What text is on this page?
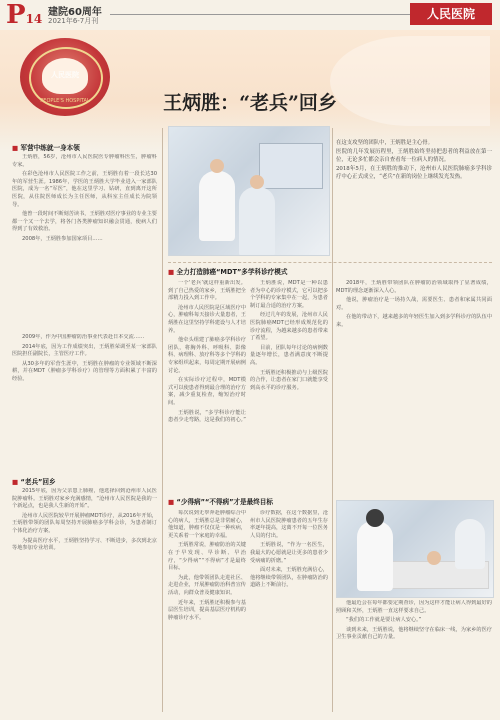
P14 建院60周年
2021年6-7月刊	人民医院
人民医院
PEOPLE'S HOSPITAL	王炳胜：“老兵”回乡
■ 军营中练就一身本领

王炳胜，56岁，沧州市人民医院医专肿瘤科医生，肿瘤科专家。

在彩色沧州市人民医院工作之前，王炳胜有着一段长达30年的军营生涯。1986年，学医的王炳胜大学毕业进入一家部队医院，成为一名“军医”，他在这里学习、钻研，直到离开这所医院，从住院医师成长为主任医师，从科室主任成长为院领导。

他曾一段时间不断刻苦读书，王炳胜对医疗事业的专业主要都一个又一个去学，将各门各类肿瘤知识融会贯通，使病人们得到了有效救治。

2008年，王炳胜参加国家项目……

2009年，作为中国肿瘤防治事业代表赴日本交流……

2014年底，因为工作成绩突出，王炳胜荣调至某一家部队医院担任副院长，主管医疗工作。

从30多年的军营生涯中，王炳胜在肿瘤的专业领域不断深耕，并在MDT（肿瘤多学科诊疗）的管理等方面积累了丰富的经验。

■ “老兵”回乡

2015年底，因为父亲患上肺癌，他选择回到沧州市人民医院肿瘤科。王炳胜对家乡充满感情，“沧州市人民医院是我的一个新起点，也是我人生新的开始”。

沧州市人民医院较早开展肿瘤MDT诊疗，从2016年开始，王炳胜带领的团队每周坚持开展肺癌多学科会诊，为患者制订个体化治疗方案。

为提高医疗水平，王炳胜坚持学习、不断进步，多次到北京等地参加专业培训。

在这支攻坚的团队中，王炳胜是主心骨。

医院的几年发展历程里，王炳胜始终坚持把患者的利益放在第一位，无论多忙都会亲自查看每一位病人的情况。

2018年5月，在王炳胜的推动下，沧州市人民医院肺癌多学科诊疗中心正式成立，“老兵”在新的岗位上继续发光发热。

■ 全力打造肺癌“MDT”多学科诊疗模式

一个‘老兵’就这样重新出发。到了自己热爱的家乡，王炳胜把全部精力投入到工作中。

沧州市人民医院是区域医疗中心，肿瘤科每天接诊大量患者，王炳胜在这里坚持学科建设与人才培养。

他牵头组建了肺癌多学科诊疗团队，将胸外科、呼吸科、影像科、病理科、放疗科等多个学科的专家组织起来，每周定期开展病例讨论。

在实际诊疗过程中，MDT模式可以使患者得到最合理的治疗方案，减少重复检查，缩短治疗时间。

王炳胜说，“多学科诊疗能让患者少走弯路，这是我们的初心。”

王炳胜说，MDT是一种以患者为中心的诊疗模式，它可以把多个学科的专家集中在一起，为患者制订最合适的治疗方案。

经过几年的发展，沧州市人民医院肺癌MDT已经形成规范化的诊疗流程，为越来越多的患者带来了希望。

目前，团队每年讨论的病例数量逐年增长，患者满意度不断提高。

王炳胜还积极推动与上级医院的合作，让患者在家门口就能享受到高水平的诊疗服务。

2018年，王炳胜带领团队在肿瘤防治领域取得了显著成绩，MDT的理念逐渐深入人心。

他说，肿瘤治疗是一场持久战，需要医生、患者和家属共同面对。

在他的带动下，越来越多的年轻医生加入到多学科诊疗的队伍中来。

■ “少得病”“不得病”才是最终目标

每次说到无辜奔赴肿瘤综合中心的病人，王炳胜总是非常耐心，他知道，肿瘤不仅仅是一种疾病，更关系着一个家庭的幸福。

王炳胜常说，肿瘤防治的关键在于早发现、早诊断、早治疗，“少得病”“不得病”才是最终目标。

为此，他带领团队走进社区、走进企业，开展肿瘤防治科普宣传活动，向群众普及健康知识。

近年来，王炳胜还积极参与基层医生培训，提高基层医疗机构的肿瘤诊疗水平。

诊疗数据，在这个数据里，沧州市人民医院肿瘤患者的五年生存率逐年提高，这离不开每一位医务人员的付出。

王炳胜说，“作为一名医生，我最大的心愿就是让更多的患者少受病痛的折磨。”

面对未来，王炳胜充满信心，他将继续带领团队，在肿瘤防治的道路上不断前行。

他最近会在每年都要定期查诊，因为这样才能让病人得到最好的照顾和关怀，王炳胜一直这样要求自己。

“我们的工作就是要让病人安心。”

谈到未来，王炳胜说，他将继续坚守在临床一线，为家乡的医疗卫生事业贡献自己的力量。
